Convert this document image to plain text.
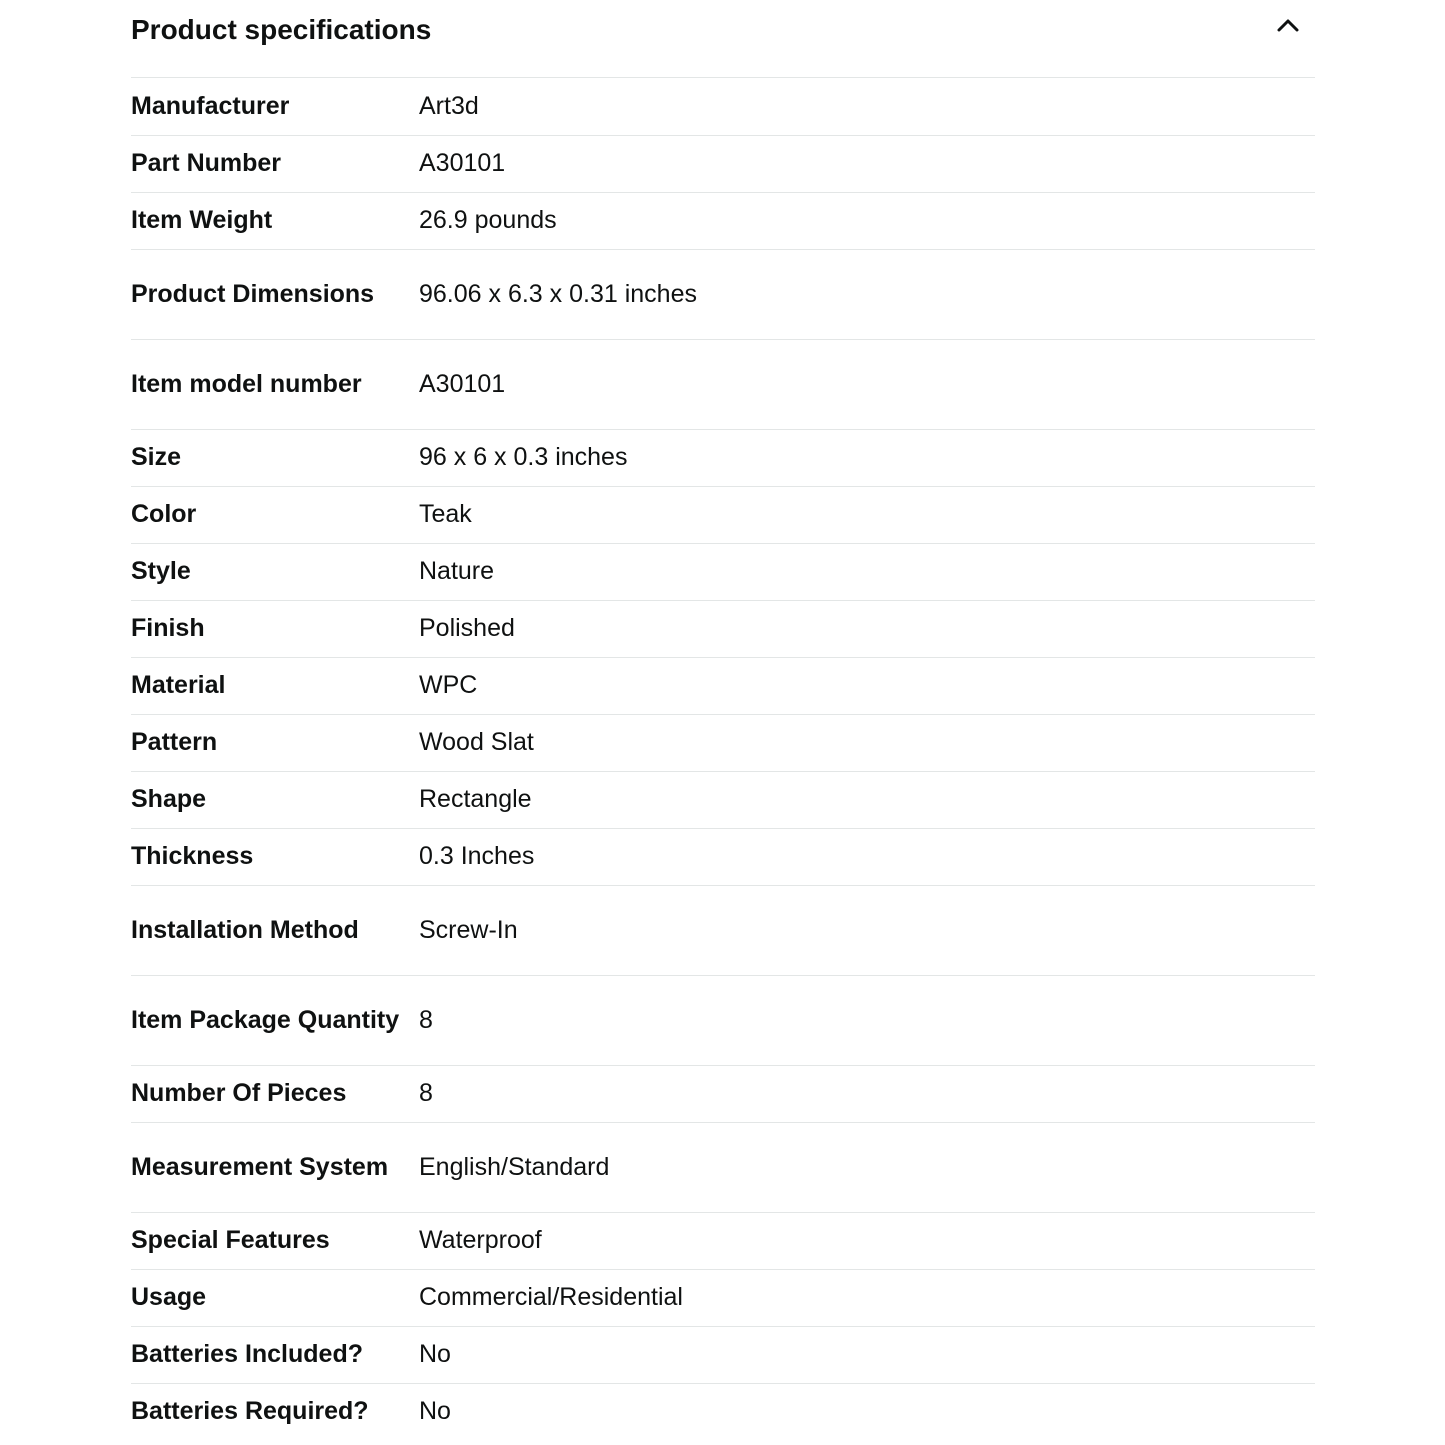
Product specifications
Manufacturer	Art3d
Part Number	A30101
Item Weight	26.9 pounds
Product Dimensions	96.06 x 6.3 x 0.31 inches
Item model number	A30101
Size	96 x 6 x 0.3 inches
Color	Teak
Style	Nature
Finish	Polished
Material	WPC
Pattern	Wood Slat
Shape	Rectangle
Thickness	0.3 Inches
Installation Method	Screw-In
Item Package Quantity	8
Number Of Pieces	8
Measurement System	English/Standard
Special Features	Waterproof
Usage	Commercial/Residential
Batteries Included?	No
Batteries Required?	No
